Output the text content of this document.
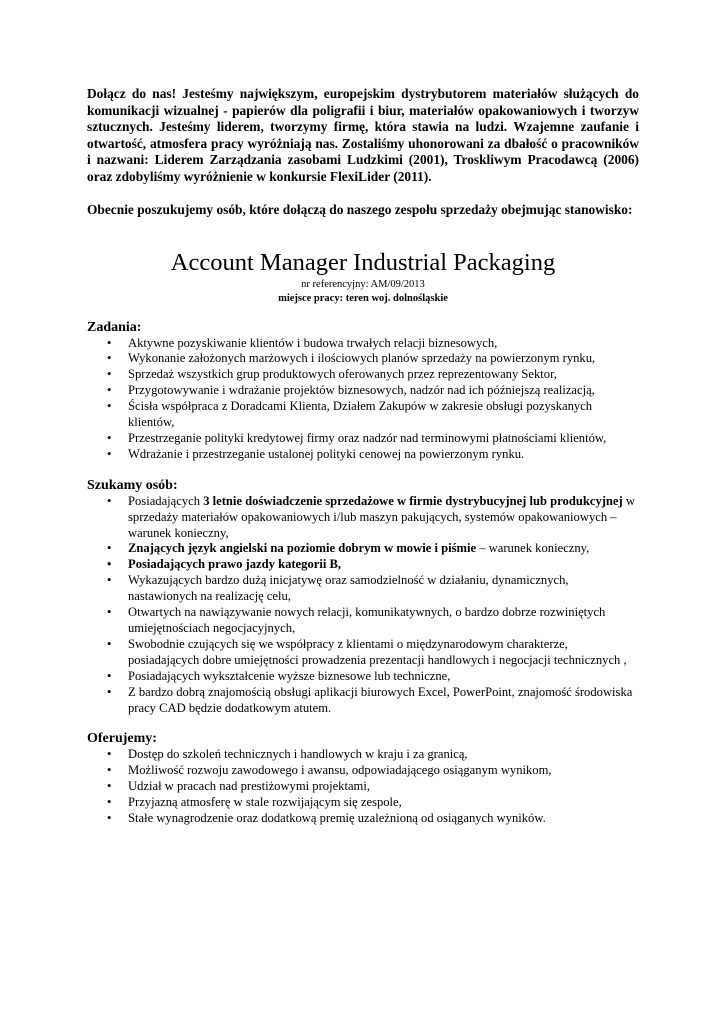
Dołącz do nas! Jesteśmy największym, europejskim dystrybutorem materiałów służących do komunikacji wizualnej - papierów dla poligrafii i biur, materiałów opakowaniowych i tworzyw sztucznych. Jesteśmy liderem, tworzymy firmę, która stawia na ludzi. Wzajemne zaufanie i otwartość, atmosfera pracy wyróżniają nas. Zostaliśmy uhonorowani za dbałość o pracowników i nazwani: Liderem Zarządzania zasobami Ludzkimi (2001), Troskliwym Pracodawcą (2006) oraz zdobyliśmy wyróżnienie w konkursie FlexiLider (2011).

Obecnie poszukujemy osób, które dołączą do naszego zespołu sprzedaży obejmując stanowisko:

Account Manager Industrial Packaging

nr referencyjny: AM/09/2013

miejsce pracy: teren woj. dolnośląskie

Zadania:
• Aktywne pozyskiwanie klientów i budowa trwałych relacji biznesowych,
• Wykonanie założonych marżowych i ilościowych planów sprzedaży na powierzonym rynku,
• Sprzedaż wszystkich grup produktowych oferowanych przez reprezentowany Sektor,
• Przygotowywanie i wdrażanie projektów biznesowych, nadzór nad ich późniejszą realizacją,
• Ścisła współpraca z Doradcami Klienta, Działem Zakupów w zakresie obsługi pozyskanych klientów,
• Przestrzeganie polityki kredytowej firmy oraz nadzór nad terminowymi płatnościami klientów,
• Wdrażanie i przestrzeganie ustalonej polityki cenowej na powierzonym rynku.
Szukamy osób:
• Posiadających 3 letnie doświadczenie sprzedażowe w firmie dystrybucyjnej lub produkcyjnej w sprzedaży materiałów opakowaniowych i/lub maszyn pakujących, systemów opakowaniowych – warunek konieczny,
• Znających język angielski na poziomie dobrym w mowie i piśmie – warunek konieczny,
• Posiadających prawo jazdy kategorii B,
• Wykazujących bardzo dużą inicjatywę oraz samodzielność w działaniu, dynamicznych, nastawionych na realizację celu,
• Otwartych na nawiązywanie nowych relacji, komunikatywnych, o bardzo dobrze rozwiniętych umiejętnościach negocjacyjnych,
• Swobodnie czujących się we współpracy z klientami o międzynarodowym charakterze, posiadających dobre umiejętności prowadzenia prezentacji handlowych i negocjacji technicznych ,
• Posiadających wykształcenie wyższe biznesowe lub techniczne,
• Z bardzo dobrą znajomością obsługi aplikacji biurowych Excel, PowerPoint, znajomość środowiska pracy CAD będzie dodatkowym atutem.
Oferujemy:
• Dostęp do szkoleń technicznych i handlowych w kraju i za granicą,
• Możliwość rozwoju zawodowego i awansu, odpowiadającego osiąganym wynikom,
• Udział w pracach nad prestiżowymi projektami,
• Przyjazną atmosferę w stale rozwijającym się zespole,
• Stałe wynagrodzenie oraz dodatkową premię uzależnioną od osiąganych wyników.
